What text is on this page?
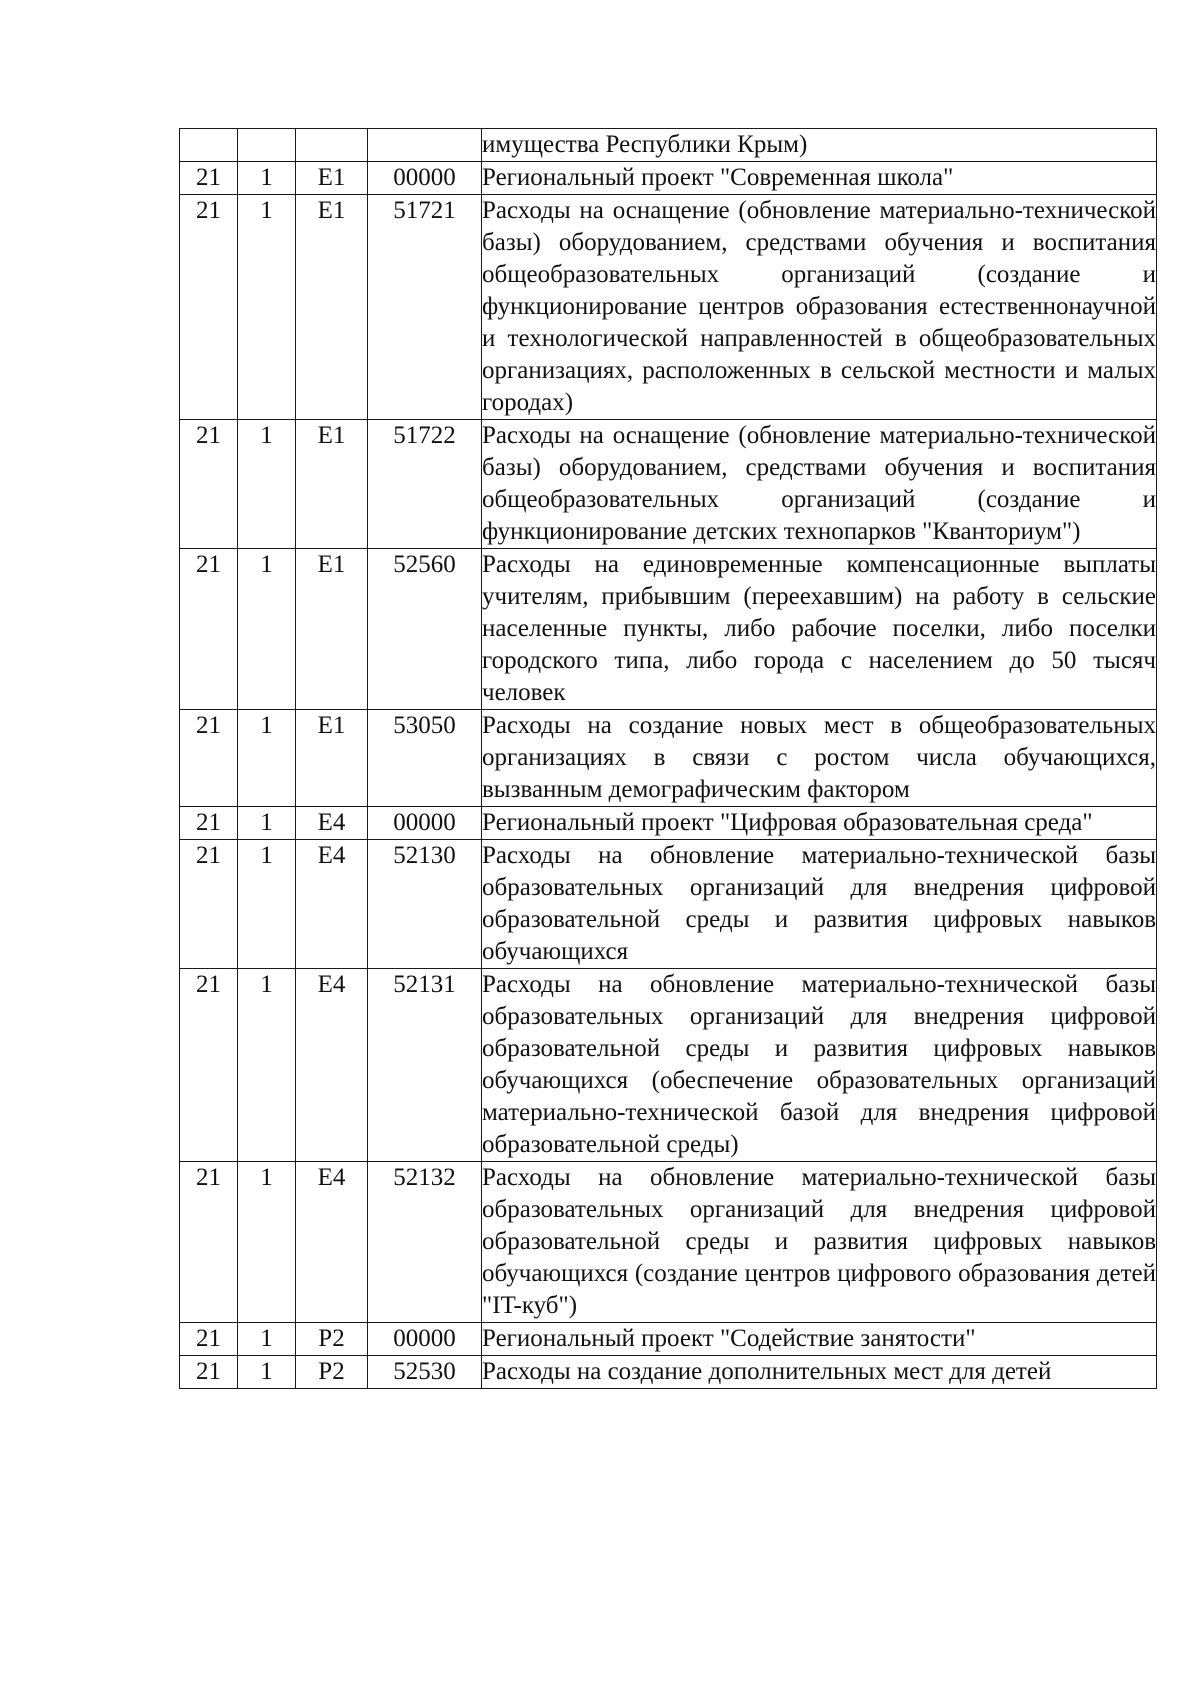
				имущества Республики Крым)
21	1	E1	00000	Региональный проект "Современная школа"
21	1	E1	51721	Расходы на оснащение (обновление материально-технической базы) оборудованием, средствами обучения и воспитания общеобразовательных организаций (создание и функционирование центров образования естественнонаучной и технологической направленностей в общеобразовательных организациях, расположенных в сельской местности и малых городах)
21	1	E1	51722	Расходы на оснащение (обновление материально-технической базы) оборудованием, средствами обучения и воспитания общеобразовательных организаций (создание и функционирование детских технопарков "Кванториум")
21	1	E1	52560	Расходы на единовременные компенсационные выплаты учителям, прибывшим (переехавшим) на работу в сельские населенные пункты, либо рабочие поселки, либо поселки городского типа, либо города с населением до 50 тысяч человек
21	1	E1	53050	Расходы на создание новых мест в общеобразовательных организациях в связи с ростом числа обучающихся, вызванным демографическим фактором
21	1	E4	00000	Региональный проект "Цифровая образовательная среда"
21	1	E4	52130	Расходы на обновление материально-технической базы образовательных организаций для внедрения цифровой образовательной среды и развития цифровых навыков обучающихся
21	1	E4	52131	Расходы на обновление материально-технической базы образовательных организаций для внедрения цифровой образовательной среды и развития цифровых навыков обучающихся (обеспечение образовательных организаций материально-технической базой для внедрения цифровой образовательной среды)
21	1	E4	52132	Расходы на обновление материально-технической базы образовательных организаций для внедрения цифровой образовательной среды и развития цифровых навыков обучающихся (создание центров цифрового образования детей "IT-куб")
21	1	P2	00000	Региональный проект "Содействие занятости"
21	1	P2	52530	Расходы на создание дополнительных мест для детей
